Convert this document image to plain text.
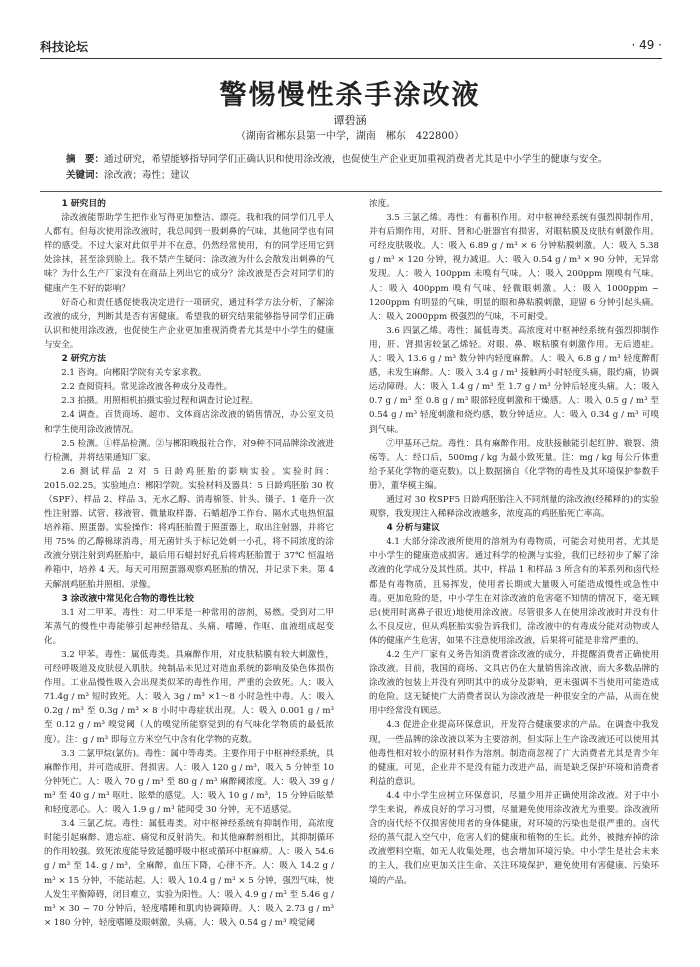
科技论坛	· 49 ·
警惕慢性杀手涂改液
谭碧涵
（湖南省郴东县第一中学，湖南　郴东　422800）
摘　要：通过研究，希望能够指导同学们正确认识和使用涂改液，也促使生产企业更加重视消费者尤其是中小学生的健康与安全。
关键词：涂改液；毒性；建议
1 研究目的

涂改液能帮助学生把作业写得更加整洁、漂亮。我和我的同学们几乎人人都有。但每次使用涂改液时，我总闻到一股刺鼻的气味，其他同学也有同样的感受。不过大家对此似乎并不在意，仍然经常使用，有的同学还用它到处涂抹，甚至涂到脸上。我不禁产生疑问：涂改液为什么会散发出刺鼻的气味？为什么生产厂家没有在商品上列出它的成分？涂改液是否会对同学们的健康产生不好的影响？

好奇心和责任感促使我决定进行一项研究，通过科学方法分析，了解涂改液的成分，判断其是否有害健康。希望我的研究结果能够指导同学们正确认识和使用涂改液，也促使生产企业更加重视消费者尤其是中小学生的健康与安全。

2 研究方法

2.1 咨询。向郴阳学院有关专家求教。

2.2 查阅资料。常见涂改液各种成分及毒性。

2.3 拍摄。用照相机拍摄实验过程和调查讨论过程。

2.4 调查。百货商场、超市、文体商店涂改液的销售情况，办公室文员和学生使用涂改液情况。

2.5 检测。①样品检测。②与郴阳晚报社合作，对9种不同品牌涂改液进行检测，并将结果通知厂家。

2.6 测试样品 2 对 5 日龄鸡胚胎的影响实验。实验时间：2015.02.25。实验地点：郴阳学院。实验材料及器具：5 日龄鸡胚胎 30 枚（SPF）、样品 2、样品 3、无水乙醇、消毒棉签、针头、镊子、1 毫升一次性注射器、试管、移液管、微量取样器、石蜡超净工作台、隔水式电热恒温培养箱、照蛋器。实验操作：将鸡胚胎置于照蛋器上，取出注射器，并将它用 75% 的乙醇棉球消毒，用无菌针头于标记处刺一小孔，将不同浓度的涂改液分别注射到鸡胚胎中，最后用石蜡封好孔后将鸡胚胎置于 37℃ 恒温培养箱中，培养 4 天。每天可用照蛋器观察鸡胚胎的情况，并记录下来。第 4 天解剖鸡胚胎并照相、录像。

3 涂改液中常见化合物的毒性比较

3.1 对二甲苯。毒性：对二甲苯是一种常用的溶剂，易燃。受到对二甲苯蒸气的慢性中毒能够引起神经错乱、头痛、嗜睡、作呕、血液组成起变化。

3.2 甲苯。毒性：属低毒类。具麻醉作用，对皮肤粘膜有较大刺激性，可经呼吸道及皮肤侵入肌肤。纯制品未见过对造血系统的影响及染色体损伤作用。工业品慢性吸入会出现类似苯的毒性作用，严重的会致死。人：吸入 71.4g / m³ 短时致死。人：吸入 3g / m³ ×1～8 小时急性中毒。人：吸入 0.2g / m³ 至 0.3g / m³ × 8 小时中毒症状出现。人：吸入 0.001 g / m³ 至 0.12 g / m³ 嗅觉阈（人的嗅觉所能察觉到的有气味化学物质的最低浓度）。注：g / m³ 即每立方米空气中含有化学物的克数。

3.3 二氯甲烷(氯仿)。毒性：属中等毒类。主要作用于中枢神经系统，具麻醉作用，并可造成肝、肾损害。人：吸入 120 g / m³，吸入 5 分钟至 10 分钟死亡。人：吸入 70 g / m³ 至 80 g / m³ 麻醉阈浓度。人：吸入 39 g / m³ 至 40 g / m³ 呕吐、眩晕的感觉。人：吸入 10 g / m³，15 分钟后眩晕和轻度恶心。人：吸入 1.9 g / m³ 能闻受 30 分钟，无不适感觉。

3.4 三氯乙烷。毒性：属低毒类。对中枢神经系统有抑制作用，高浓度时能引起麻醉、遗忘症、痛觉和反射消失。和其他麻醉剂相比，其抑制循环的作用较强。致死浓度能导致延髓呼吸中枢或循环中枢麻痹。人：吸入 54.6 g / m³ 至 14. g / m³，全麻醉，血压下降，心律不齐。人：吸入 14.2 g / m³ × 15 分钟，不能站起。人：吸入 10.4 g / m³ × 5 分钟，强烈气味，使人发生平衡障碍，闭目难立，实验为阳性。人：吸入 4.9 g / m³ 至 5.46 g / m³ × 30 ~ 70 分钟后，轻度嗜睡和肌肉协调障碍。人：吸入 2.73 g / m³ × 180 分钟，轻度嗜睡及眼刺激，头痛。人：吸入 0.54 g / m³ 嗅觉阈

浓度。

3.5 三氯乙烯。毒性：有蓄积作用。对中枢神经系统有强烈抑制作用，并有后期作用，对肝、肾和心脏器官有损害，对眼粘膜及皮肤有刺激作用。可经皮肤吸收。人：吸入 6.89 g / m³ × 6 分钟粘膜刺激。人：吸入 5.38 g / m³ × 120 分钟，视力减退。人：吸入 0.54 g / m³ × 90 分钟，无异常发现。人：吸入 100ppm 未嗅有气味。人：吸入 200ppm 刚嗅有气味。人：吸入 400ppm 嗅有气味，轻微眼刺激。人：吸入 1000ppm ~ 1200ppm 有明显的气味，明显的眼和鼻粘膜刺激，迎留 6 分钟引起头痛。人：吸入 2000ppm 极强烈的气味，不可耐受。

3.6 四氯乙烯。毒性：属低毒类。高浓度对中枢神经系统有强烈抑制作用，肝、肾损害较氯乙烯轻。对眼、鼻、喉粘膜有刺激作用。无后遗症。人：吸入 13.6 g / m³ 数分钟内轻度麻醉。人：吸入 6.8 g / m³ 轻度醉酊感，未发生麻醉。人：吸入 3.4 g / m³ 接触两小时轻度头痛，眼灼痛，协调运动障碍。人：吸入 1.4 g / m³ 至 1.7 g / m³ 分钟后轻度头痛。人：吸入 0.7 g / m³ 至 0.8 g / m³ 眼部轻度刺激和干燥感。人：吸入 0.5 g / m³ 至 0.54 g / m³ 轻度刺激和烧灼感，数分钟适应。人：吸入 0.34 g / m³ 可嗅到气味。

⑦甲基环己烷。毒性：具有麻醉作用。皮肤接触能引起红肿、皲裂、溃疡等。人：经口后，500mg / kg 为最小致死量。注：mg / kg 每公斤体重给予某化学物的毫克数)。以上数据摘自《化学物的毒性及其环境保护参数手册》，董华模主编。

通过对 30 枚SPF5 日龄鸡胚胎注入不同剂量的涂改液(经稀释的)的实验观察，我发现注入稀释涂改液越多，浓度高的鸡胚胎死亡率高。

4 分析与建议

4.1 大部分涂改液所使用的溶剂为有毒物质，可能会对使用者，尤其是中小学生的健康造成损害。通过科学的检测与实验，我们已经初步了解了涂改液的化学成分及其性质。其中，样品 1 和样品 3 所含有的苯系列和卤代烃都是有毒物质，且易挥发，使用者长期或大量吸入可能造成慢性或急性中毒。更加危险的是，中小学生在对涂改液的危害毫不知情的情况下，毫无顾忌(使用时离鼻子很近)地使用涂改液。尽管很多人在使用涂改液时并没有什么不良反应，但从鸡胚胎实验告诉我们，涂改液中的有毒成分能对动物或人体的健康产生危害，如果不注意使用涂改液，后果将可能是非常严重的。

4.2 生产厂家有义务告知消费者涂改液的成分，并提醒消费者正确使用涂改液。目前，我国的商场、文具店仍在大量销售涂改液，而大多数品牌的涂改液的包装上并没有列明其中的成分及影响，更未强调不当使用可能造成的危险。这无疑使广大消费者误认为涂改液是一种很安全的产品，从而在使用中经常没有顾忌。

4.3 促进企业提高环保意识，开发符合健康要求的产品。在调查中我发现，一些品牌的涂改液以苯为主要溶剂，但实际上生产涂改液还可以使用其他毒性相对较小的原材料作为溶剂。制造商忽视了广大消费者尤其是青少年的健康。可见，企业并不是没有能力改进产品，而是缺乏保护环境和消费者利益的意识。

4.4 中小学生应树立环保意识，尽量少用并正确使用涂改液。对于中小学生来说，养成良好的学习习惯，尽量避免使用涂改液尤为重要。涂改液所含的卤代烃不仅损害使用者的身体健康，对环境的污染也是很严重的。卤代烃的蒸气混入空气中，危害人们的健康和植物的生长。此外，被抛弃掉的涂改液塑料空瓶，如无人收集处理，也会增加环境污染。中小学生是社会未来的主人，我们应更加关注生命、关注环境保护，避免使用有害健康、污染环境的产品。
